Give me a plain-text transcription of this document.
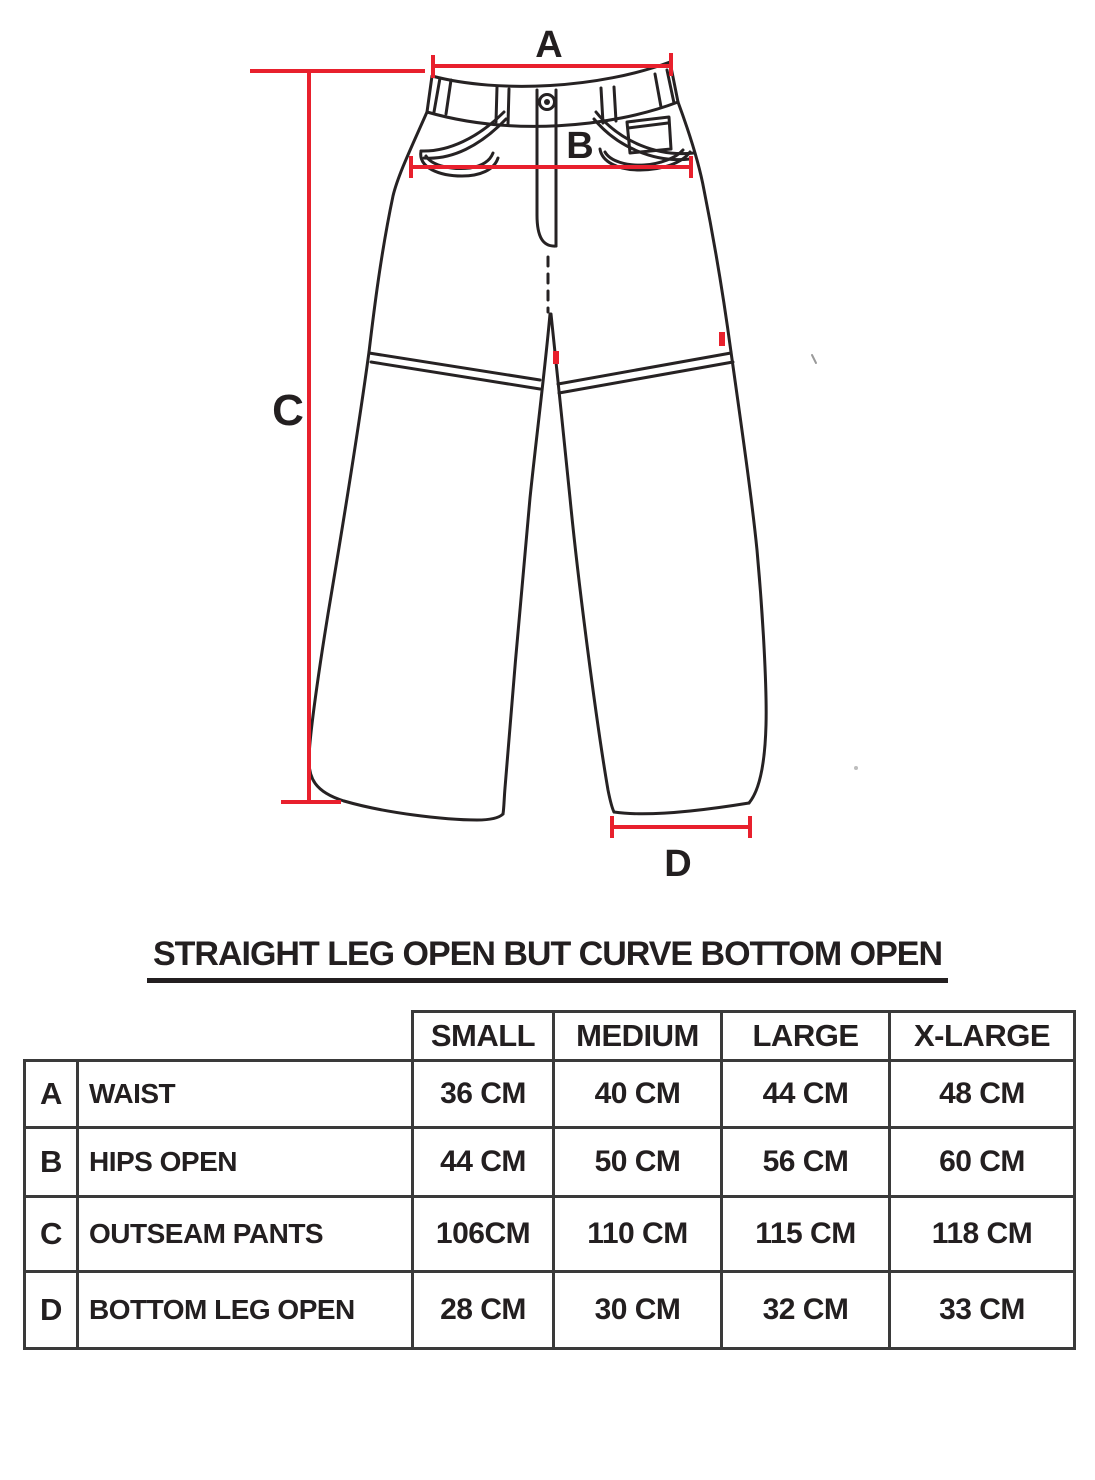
A
B
C
D
STRAIGHT LEG OPEN BUT CURVE BOTTOM OPEN
		SMALL	MEDIUM	LARGE	X-LARGE
A	WAIST	36 CM	40 CM	44 CM	48 CM
B	HIPS OPEN	44 CM	50 CM	56 CM	60 CM
C	OUTSEAM PANTS	106CM	110 CM	115 CM	118 CM
D	BOTTOM LEG OPEN	28 CM	30 CM	32 CM	33 CM
